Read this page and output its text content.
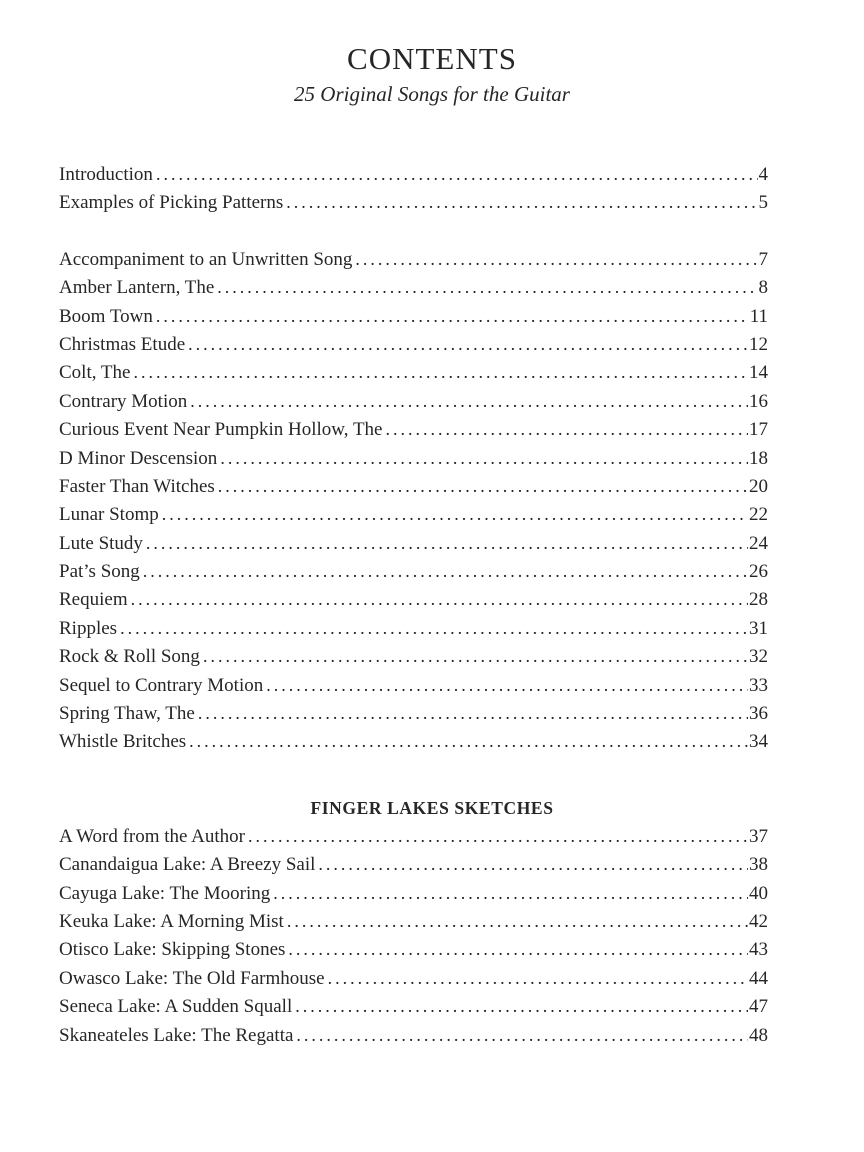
CONTENTS
25 Original Songs for the Guitar
Introduction .....	4
Examples of Picking Patterns .....	5
Accompaniment to an Unwritten Song .....	7
Amber Lantern, The .....	8
Boom Town .....	11
Christmas Etude .....	12
Colt, The .....	14
Contrary Motion .....	16
Curious Event Near Pumpkin Hollow, The .....	17
D Minor Descension .....	18
Faster Than Witches .....	20
Lunar Stomp .....	22
Lute Study .....	24
Pat’s Song .....	26
Requiem .....	28
Ripples .....	31
Rock & Roll Song .....	32
Sequel to Contrary Motion .....	33
Spring Thaw, The .....	36
Whistle Britches .....	34
FINGER LAKES SKETCHES
A Word from the Author .....	37
Canandaigua Lake: A Breezy Sail .....	38
Cayuga Lake: The Mooring .....	40
Keuka Lake: A Morning Mist .....	42
Otisco Lake: Skipping Stones .....	43
Owasco Lake: The Old Farmhouse .....	44
Seneca Lake: A Sudden Squall .....	47
Skaneateles Lake: The Regatta .....	48
